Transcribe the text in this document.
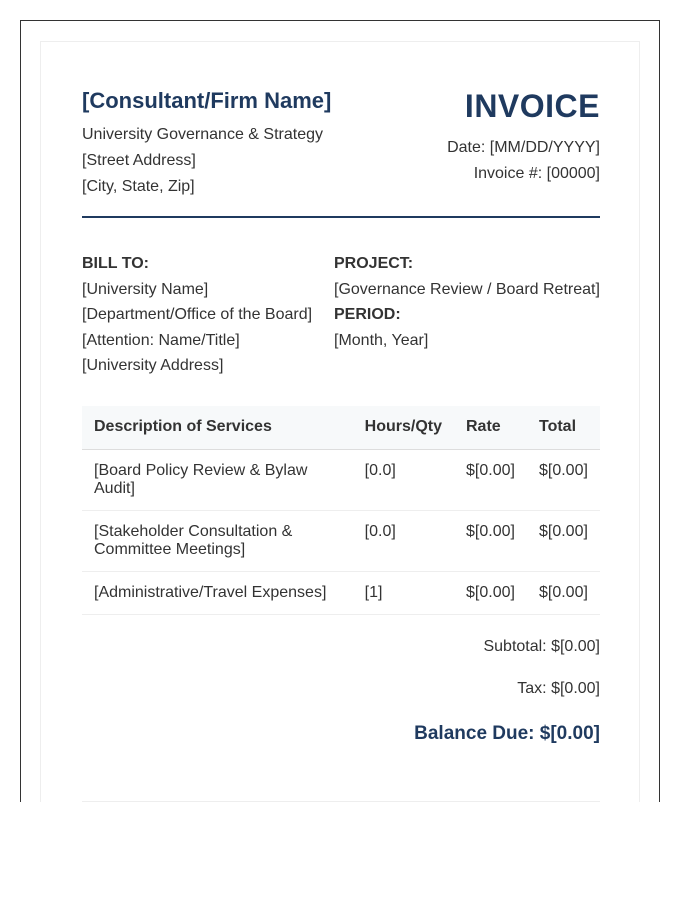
[Consultant/Firm Name]
University Governance & Strategy
[Street Address]
[City, State, Zip]
INVOICE
Date: [MM/DD/YYYY]
Invoice #: [00000]
BILL TO:
[University Name]
[Department/Office of the Board]
[Attention: Name/Title]
[University Address]
PROJECT:
[Governance Review / Board Retreat]
PERIOD:
[Month, Year]
Description of Services	Hours/Qty	Rate	Total
[Board Policy Review & Bylaw Audit]	[0.0]	$[0.00]	$[0.00]
[Stakeholder Consultation & Committee Meetings]	[0.0]	$[0.00]	$[0.00]
[Administrative/Travel Expenses]	[1]	$[0.00]	$[0.00]
Subtotal: $[0.00]
Tax: $[0.00]
Balance Due: $[0.00]
